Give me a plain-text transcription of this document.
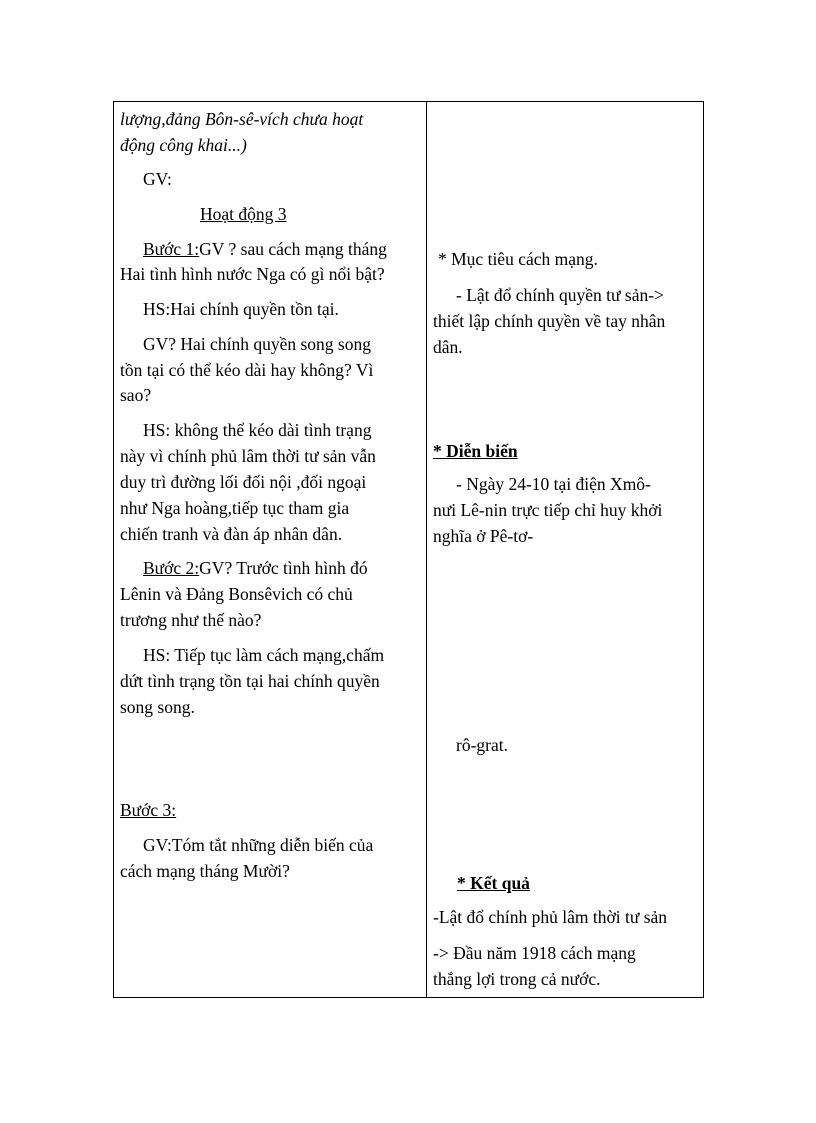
lượng,đảng Bôn-sê-vích chưa hoạt
động công khai...)
GV:
Hoạt động 3
Bước 1:GV ? sau cách mạng tháng
Hai tình hình nước Nga có gì nổi bật?
HS:Hai chính quyền tồn tại.
GV? Hai chính quyền song song
tồn tại có thể kéo dài hay không? Vì
sao?
HS: không thể kéo dài tình trạng
này vì chính phủ lâm thời tư sản vẫn
duy trì đường lối đối nội ,đối ngoại
như Nga hoàng,tiếp tục tham gia
chiến tranh và đàn áp nhân dân.
Bước 2:GV? Trước tình hình đó
Lênin và Đảng Bonsêvich có chủ
trương như thế nào?
HS: Tiếp tục làm cách mạng,chấm
dứt tình trạng tồn tại hai chính quyền
song song.
Bước 3:
GV:Tóm tắt những diễn biến của
cách mạng tháng Mười?
* Mục tiêu cách mạng.
- Lật đổ chính quyền tư sản->
thiết lập chính quyền về tay nhân
dân.
* Diễn biến
- Ngày 24-10 tại điện Xmô-
nưi Lê-nin trực tiếp chỉ huy khởi
nghĩa ở Pê-tơ-
rô-grat.
* Kết quả
-Lật đổ chính phủ lâm thời tư sản
-> Đầu năm 1918 cách mạng
thắng lợi trong cả nước.
